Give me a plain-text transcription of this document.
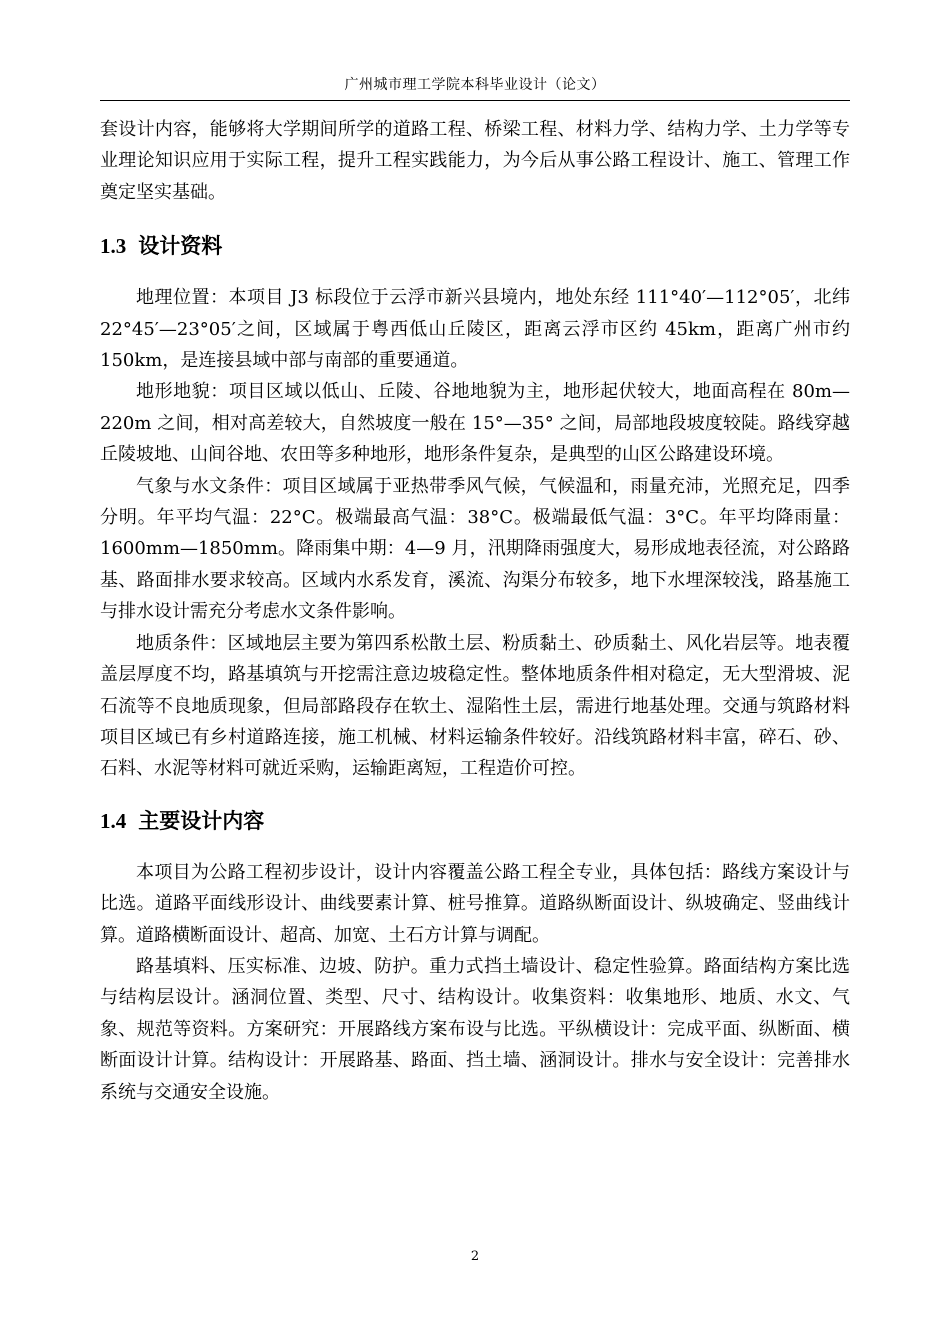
广州城市理工学院本科毕业设计（论文）

套设计内容，能够将大学期间所学的道路工程、桥梁工程、材料力学、结构力学、土力学等专业理论知识应用于实际工程，提升工程实践能力，为今后从事公路工程设计、施工、管理工作奠定坚实基础。

1.3 设计资料

地理位置：本项目 J3 标段位于云浮市新兴县境内，地处东经 111°40′—112°05′，北纬 22°45′—23°05′之间，区域属于粤西低山丘陵区，距离云浮市区约 45km，距离广州市约 150km，是连接县域中部与南部的重要通道。

地形地貌：项目区域以低山、丘陵、谷地地貌为主，地形起伏较大，地面高程在 80m—220m 之间，相对高差较大，自然坡度一般在 15°—35° 之间，局部地段坡度较陡。路线穿越丘陵坡地、山间谷地、农田等多种地形，地形条件复杂，是典型的山区公路建设环境。

气象与水文条件：项目区域属于亚热带季风气候，气候温和，雨量充沛，光照充足，四季分明。年平均气温：22°C。极端最高气温：38°C。极端最低气温：3°C。年平均降雨量：1600mm—1850mm。降雨集中期：4—9 月，汛期降雨强度大，易形成地表径流，对公路路基、路面排水要求较高。区域内水系发育，溪流、沟渠分布较多，地下水埋深较浅，路基施工与排水设计需充分考虑水文条件影响。

地质条件：区域地层主要为第四系松散土层、粉质黏土、砂质黏土、风化岩层等。地表覆盖层厚度不均，路基填筑与开挖需注意边坡稳定性。整体地质条件相对稳定，无大型滑坡、泥石流等不良地质现象，但局部路段存在软土、湿陷性土层，需进行地基处理。交通与筑路材料项目区域已有乡村道路连接，施工机械、材料运输条件较好。沿线筑路材料丰富，碎石、砂、石料、水泥等材料可就近采购，运输距离短，工程造价可控。

1.4 主要设计内容

本项目为公路工程初步设计，设计内容覆盖公路工程全专业，具体包括：路线方案设计与比选。道路平面线形设计、曲线要素计算、桩号推算。道路纵断面设计、纵坡确定、竖曲线计算。道路横断面设计、超高、加宽、土石方计算与调配。

路基填料、压实标准、边坡、防护。重力式挡土墙设计、稳定性验算。路面结构方案比选与结构层设计。涵洞位置、类型、尺寸、结构设计。收集资料：收集地形、地质、水文、气象、规范等资料。方案研究：开展路线方案布设与比选。平纵横设计：完成平面、纵断面、横断面设计计算。结构设计：开展路基、路面、挡土墙、涵洞设计。排水与安全设计：完善排水系统与交通安全设施。

2
